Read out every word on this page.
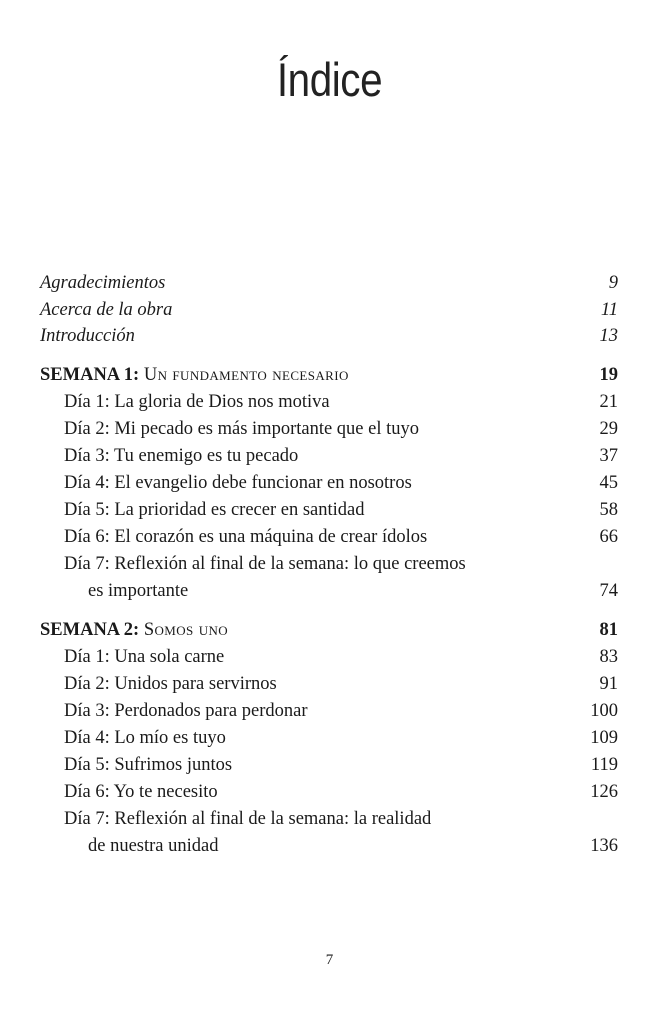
Índice
Agradecimientos	9
Acerca de la obra	11
Introducción	13
SEMANA 1: Un fundamento necesario	19
Día 1: La gloria de Dios nos motiva	21
Día 2: Mi pecado es más importante que el tuyo	29
Día 3: Tu enemigo es tu pecado	37
Día 4: El evangelio debe funcionar en nosotros	45
Día 5: La prioridad es crecer en santidad	58
Día 6: El corazón es una máquina de crear ídolos	66
Día 7: Reflexión al final de la semana: lo que creemos
es importante	74
SEMANA 2: Somos uno	81
Día 1: Una sola carne	83
Día 2: Unidos para servirnos	91
Día 3: Perdonados para perdonar	100
Día 4: Lo mío es tuyo	109
Día 5: Sufrimos juntos	119
Día 6: Yo te necesito	126
Día 7: Reflexión al final de la semana: la realidad
de nuestra unidad	136
7
